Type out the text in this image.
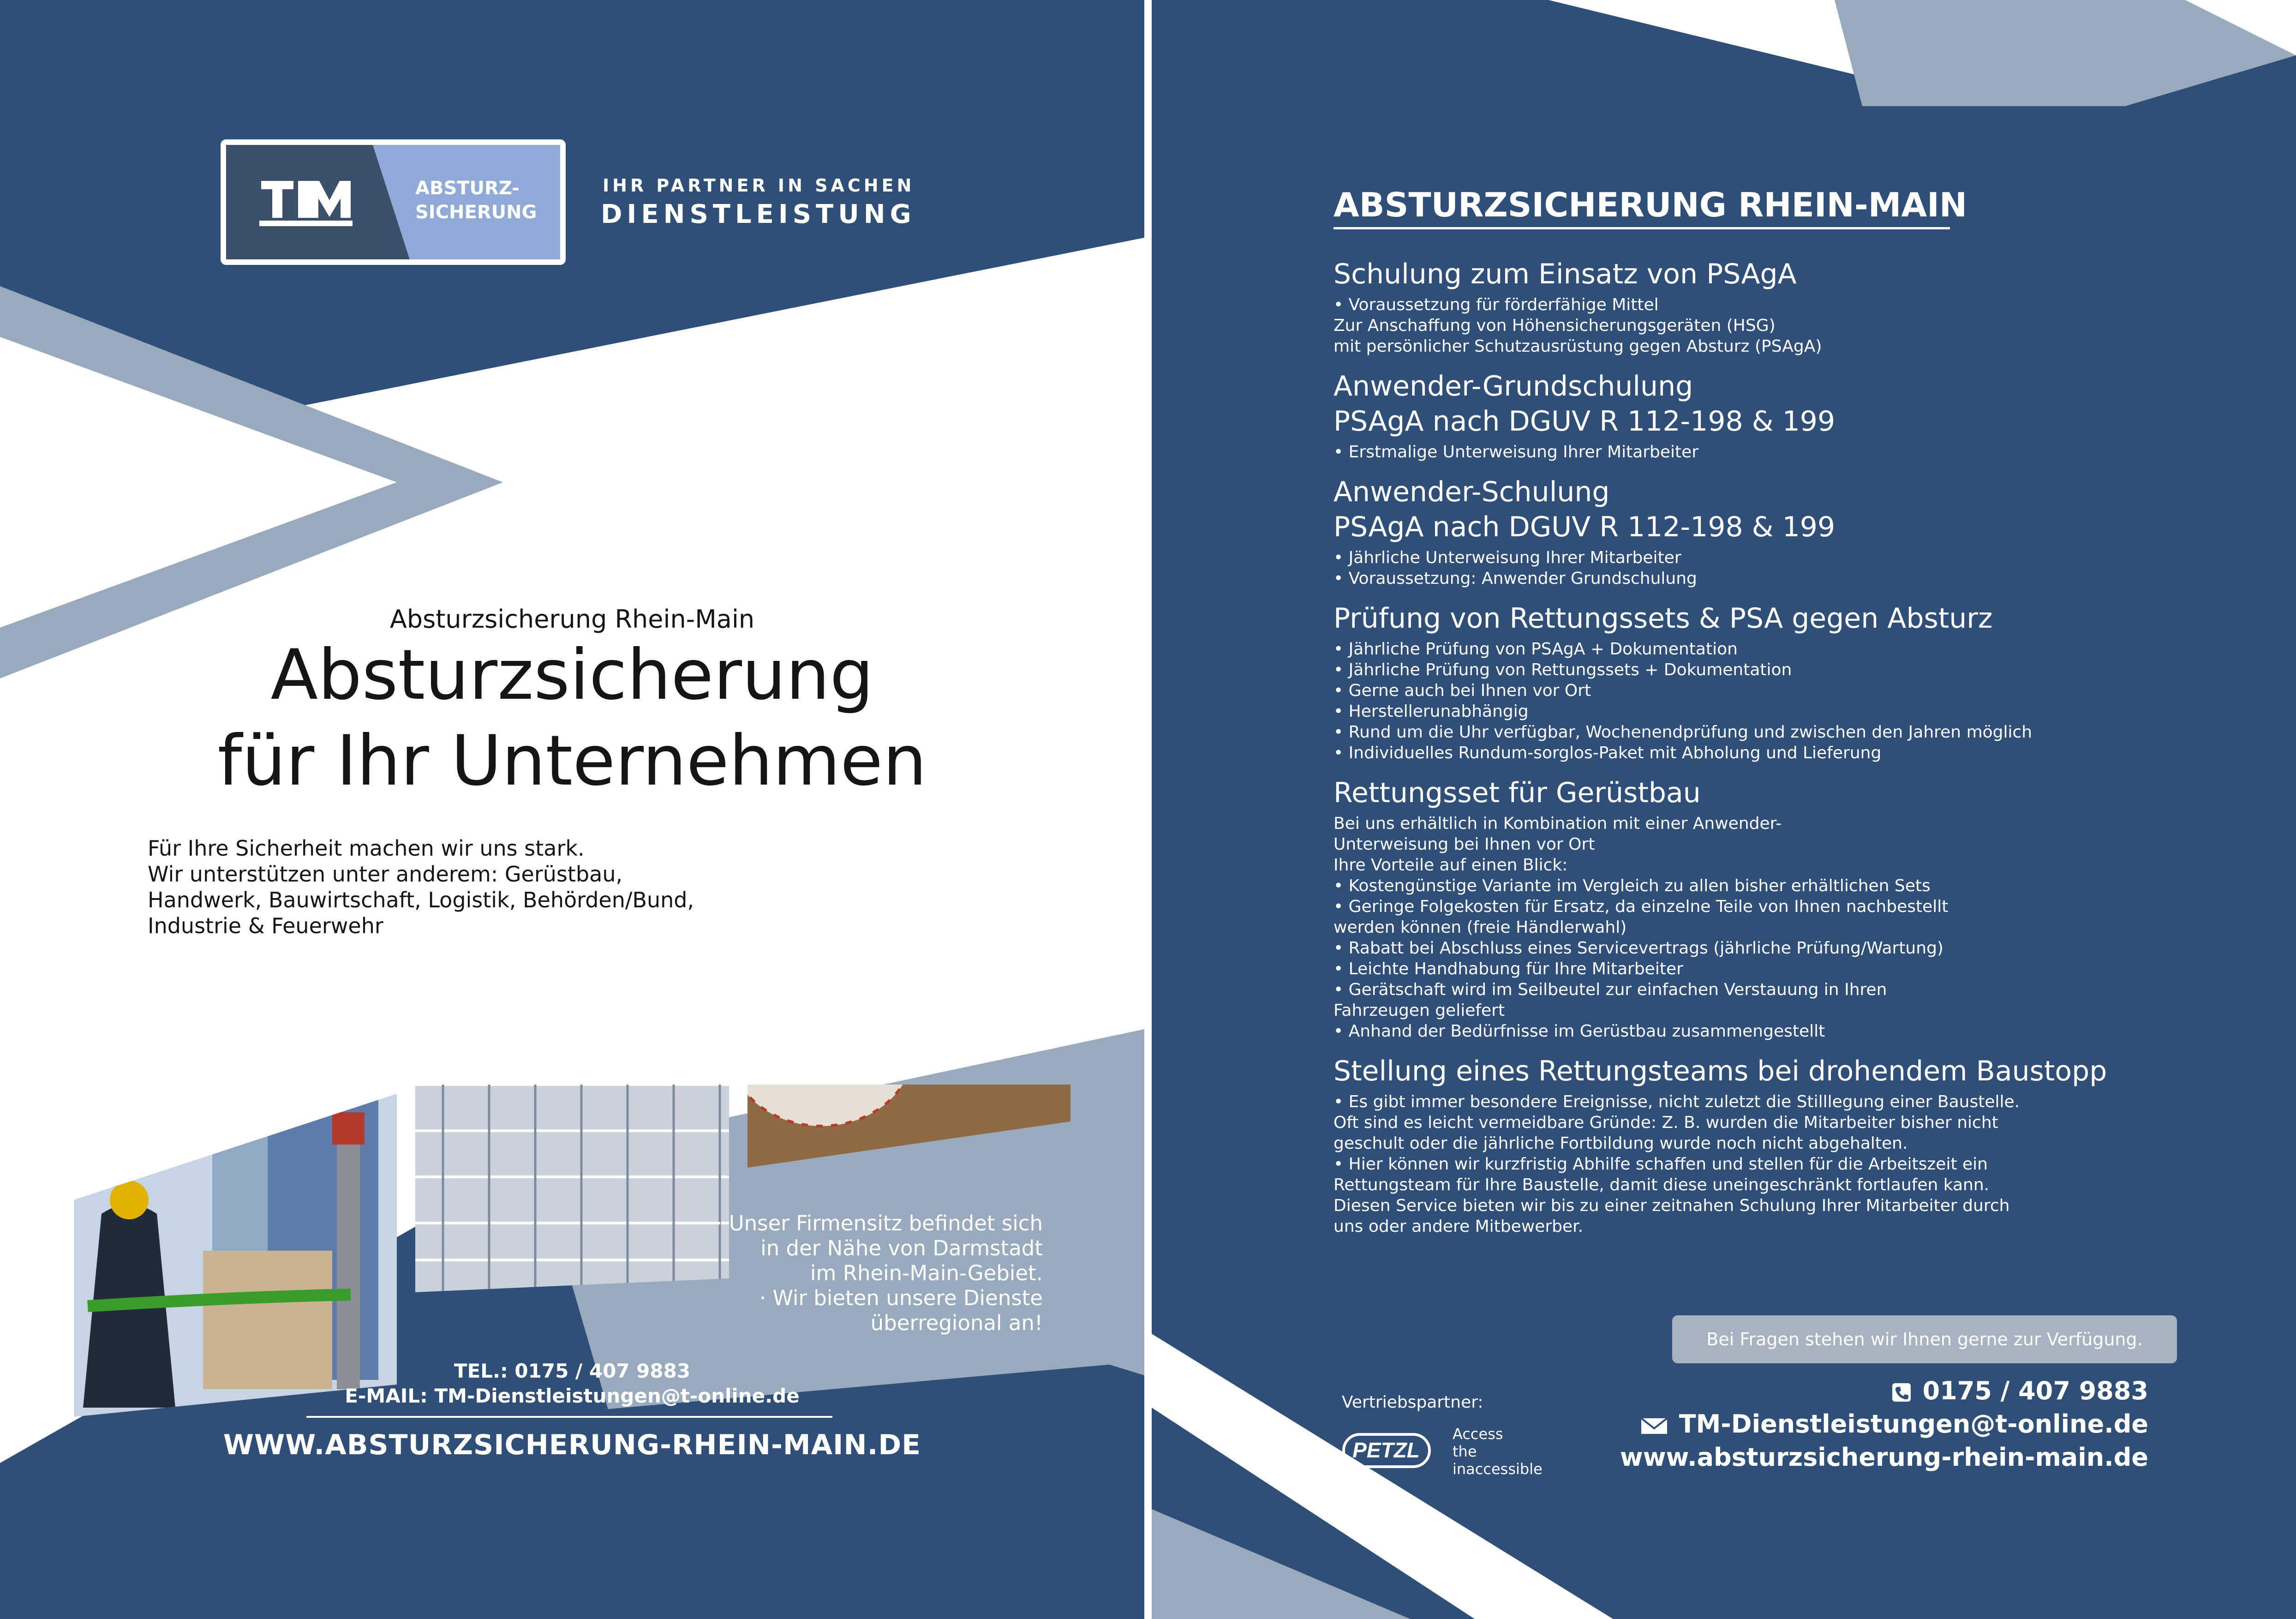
ABSTURZ-
SICHERUNG
IHR PARTNER IN SACHEN
DIENSTLEISTUNG
Absturzsicherung Rhein-Main
Absturzsicherung
für Ihr Unternehmen
Für Ihre Sicherheit machen wir uns stark.
Wir unterstützen unter anderem: Gerüstbau,
Handwerk, Bauwirtschaft, Logistik, Behörden/Bund,
Industrie & Feuerwehr
· Unser Firmensitz befindet sich
in der Nähe von Darmstadt
im Rhein-Main-Gebiet.
· Wir bieten unsere Dienste
überregional an!
TEL.: 0175 / 407 9883
E-MAIL: TM-Dienstleistungen@t-online.de
WWW.ABSTURZSICHERUNG-RHEIN-MAIN.DE
ABSTURZSICHERUNG RHEIN-MAIN
Schulung zum Einsatz von PSAgA
• Voraussetzung für förderfähige Mittel
Zur Anschaffung von Höhensicherungsgeräten (HSG)
mit persönlicher Schutzausrüstung gegen Absturz (PSAgA)
Anwender-Grundschulung
PSAgA nach DGUV R 112-198 & 199
• Erstmalige Unterweisung Ihrer Mitarbeiter
Anwender-Schulung
PSAgA nach DGUV R 112-198 & 199
• Jährliche Unterweisung Ihrer Mitarbeiter
• Voraussetzung: Anwender Grundschulung
Prüfung von Rettungssets & PSA gegen Absturz
• Jährliche Prüfung von PSAgA + Dokumentation
• Jährliche Prüfung von Rettungssets + Dokumentation
• Gerne auch bei Ihnen vor Ort
• Herstellerunabhängig
• Rund um die Uhr verfügbar, Wochenendprüfung und zwischen den Jahren möglich
• Individuelles Rundum-sorglos-Paket mit Abholung und Lieferung
Rettungsset für Gerüstbau
Bei uns erhältlich in Kombination mit einer Anwender-
Unterweisung bei Ihnen vor Ort
Ihre Vorteile auf einen Blick:
• Kostengünstige Variante im Vergleich zu allen bisher erhältlichen Sets
• Geringe Folgekosten für Ersatz, da einzelne Teile von Ihnen nachbestellt
werden können (freie Händlerwahl)
• Rabatt bei Abschluss eines Servicevertrags (jährliche Prüfung/Wartung)
• Leichte Handhabung für Ihre Mitarbeiter
• Gerätschaft wird im Seilbeutel zur einfachen Verstauung in Ihren
Fahrzeugen geliefert
• Anhand der Bedürfnisse im Gerüstbau zusammengestellt
Stellung eines Rettungsteams bei drohendem Baustopp
• Es gibt immer besondere Ereignisse, nicht zuletzt die Stilllegung einer Baustelle.
Oft sind es leicht vermeidbare Gründe: Z. B. wurden die Mitarbeiter bisher nicht
geschult oder die jährliche Fortbildung wurde noch nicht abgehalten.
• Hier können wir kurzfristig Abhilfe schaffen und stellen für die Arbeitszeit ein
Rettungsteam für Ihre Baustelle, damit diese uneingeschränkt fortlaufen kann.
Diesen Service bieten wir bis zu einer zeitnahen Schulung Ihrer Mitarbeiter durch
uns oder andere Mitbewerber.
Bei Fragen stehen wir Ihnen gerne zur Verfügung.
Vertriebspartner:
PETZL
Access
the
inaccessible
0175 / 407 9883
TM-Dienstleistungen@t-online.de
www.absturzsicherung-rhein-main.de
